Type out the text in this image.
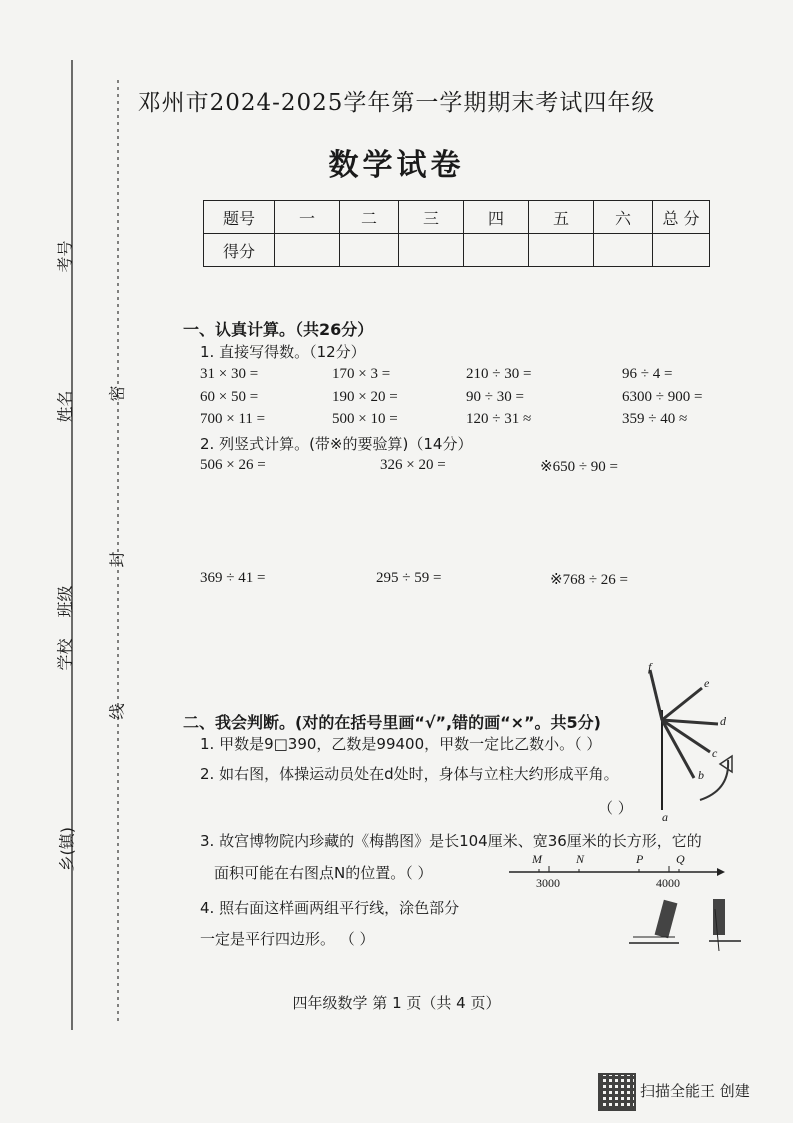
考号
姓名
班级
学校
乡(镇)
密
封
线
邓州市2024-2025学年第一学期期末考试四年级
数学试卷
题号	一	二	三	四	五	六	总 分
得分							
一、认真计算。（共26分）
1. 直接写得数。（12分）
31 × 30 =	170 × 3 =	210 ÷ 30 =	96 ÷ 4 =
60 × 50 =	190 × 20 =	90 ÷ 30 =	6300 ÷ 900 =
700 × 11 =	500 × 10 =	120 ÷ 31 ≈	359 ÷ 40 ≈
2. 列竖式计算。(带※的要验算)（14分）
506 × 26 =	326 × 20 =	※650 ÷ 90 =
369 ÷ 41 =	295 ÷ 59 =	※768 ÷ 26 =
二、我会判断。(对的在括号里画“√”,错的画“×”。共5分)
1. 甲数是9□390，乙数是99400，甲数一定比乙数小。（ ）
2. 如右图，体操运动员处在d处时，身体与立柱大约形成平角。
（ ）
3. 故宫博物院内珍藏的《梅鹊图》是长104厘米、宽36厘米的长方形，它的
面积可能在右图点N的位置。（ ）
4. 照右面这样画两组平行线，涂色部分
一定是平行四边形。 （ ）
f
e
d
c
b
a
M	N	P	Q
3000	4000
四年级数学 第 1 页（共 4 页）
扫描全能王 创建
